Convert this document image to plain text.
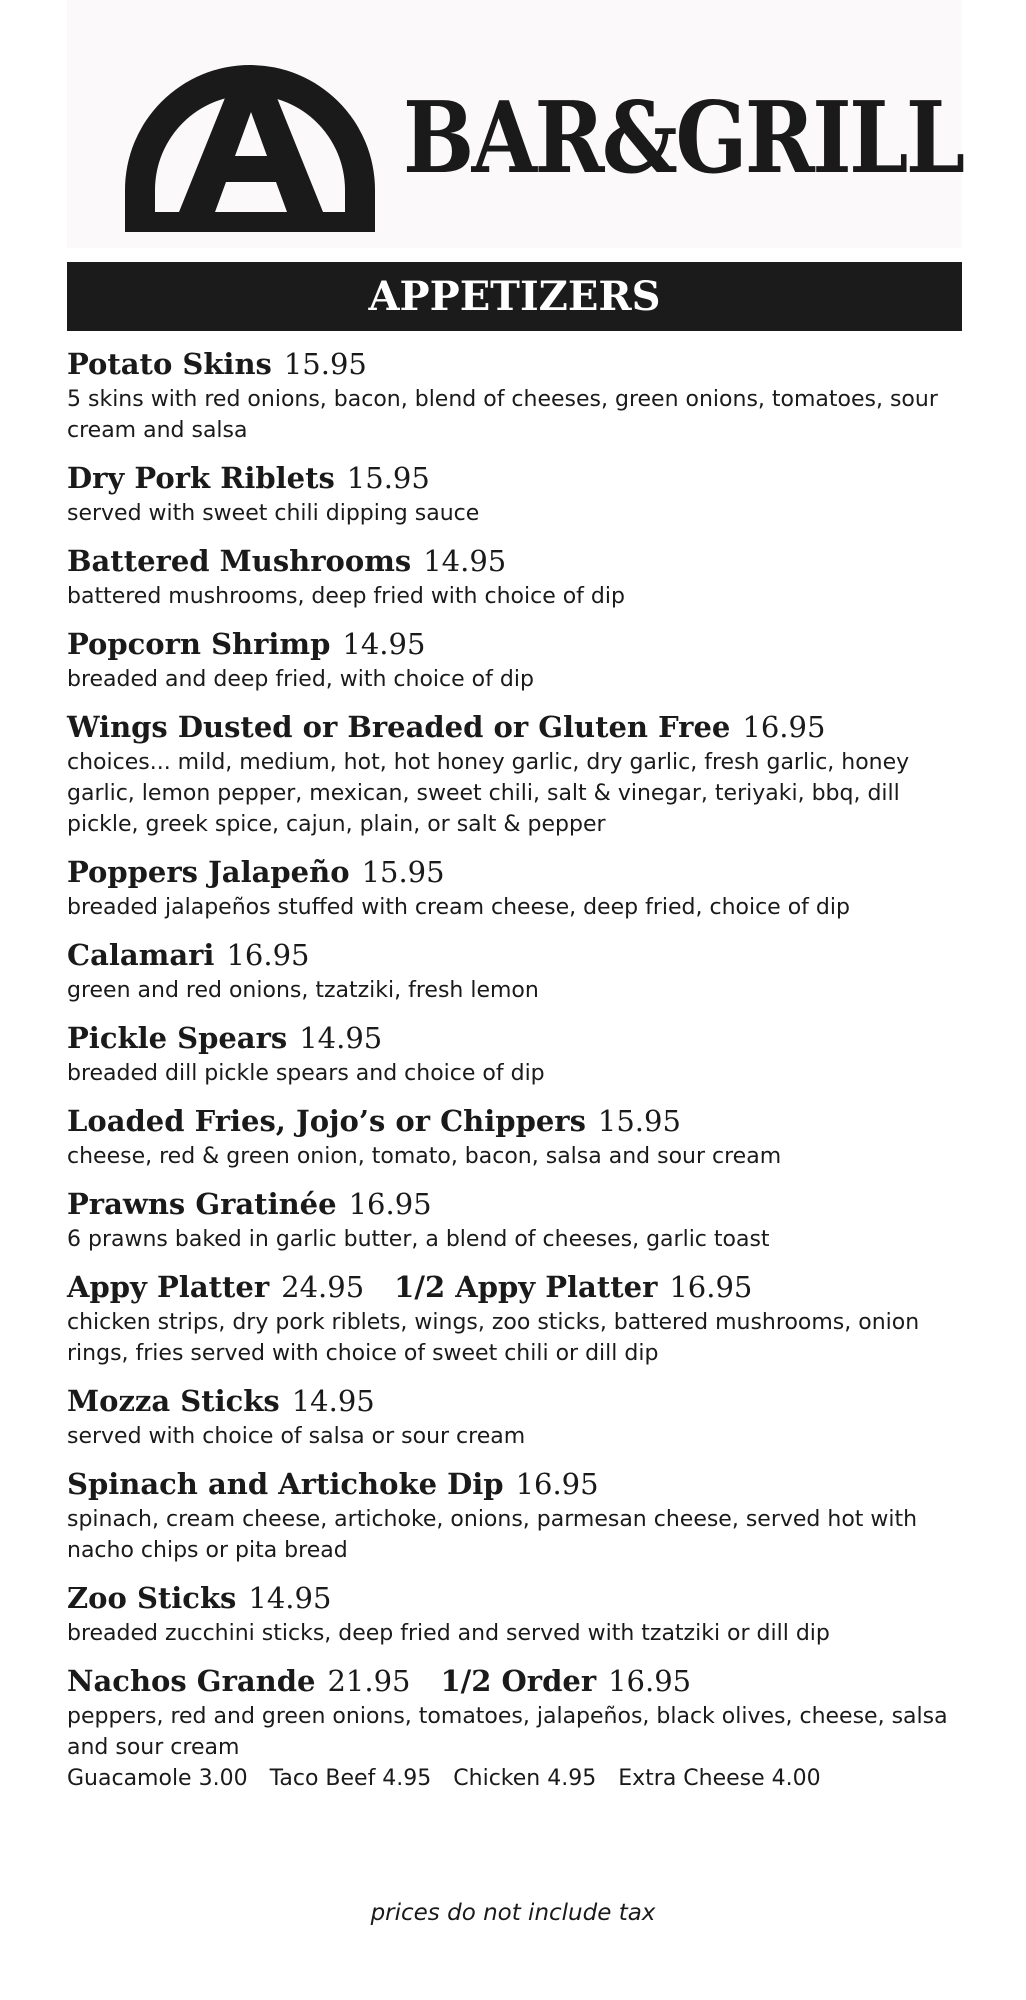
BAR&GRILL
APPETIZERS
Potato Skins 15.95
5 skins with red onions, bacon, blend of cheeses, green onions, tomatoes, sour cream and salsa
Dry Pork Riblets 15.95
served with sweet chili dipping sauce
Battered Mushrooms 14.95
battered mushrooms, deep fried with choice of dip
Popcorn Shrimp 14.95
breaded and deep fried, with choice of dip
Wings Dusted or Breaded or Gluten Free 16.95
choices... mild, medium, hot, hot honey garlic, dry garlic, fresh garlic, honey garlic, lemon pepper, mexican, sweet chili, salt & vinegar, teriyaki, bbq, dill pickle, greek spice, cajun, plain, or salt & pepper
Poppers Jalapeño 15.95
breaded jalapeños stuffed with cream cheese, deep fried, choice of dip
Calamari 16.95
green and red onions, tzatziki, fresh lemon
Pickle Spears 14.95
breaded dill pickle spears and choice of dip
Loaded Fries, Jojo’s or Chippers 15.95
cheese, red & green onion, tomato, bacon, salsa and sour cream
Prawns Gratinée 16.95
6 prawns baked in garlic butter, a blend of cheeses, garlic toast
Appy Platter 24.95 1/2 Appy Platter 16.95
chicken strips, dry pork riblets, wings, zoo sticks, battered mushrooms, onion rings, fries served with choice of sweet chili or dill dip
Mozza Sticks 14.95
served with choice of salsa or sour cream
Spinach and Artichoke Dip 16.95
spinach, cream cheese, artichoke, onions, parmesan cheese, served hot with nacho chips or pita bread
Zoo Sticks 14.95
breaded zucchini sticks, deep fried and served with tzatziki or dill dip
Nachos Grande 21.95 1/2 Order 16.95
peppers, red and green onions, tomatoes, jalapeños, black olives, cheese, salsa and sour cream
Guacamole 3.00 Taco Beef 4.95 Chicken 4.95 Extra Cheese 4.00
prices do not include tax
